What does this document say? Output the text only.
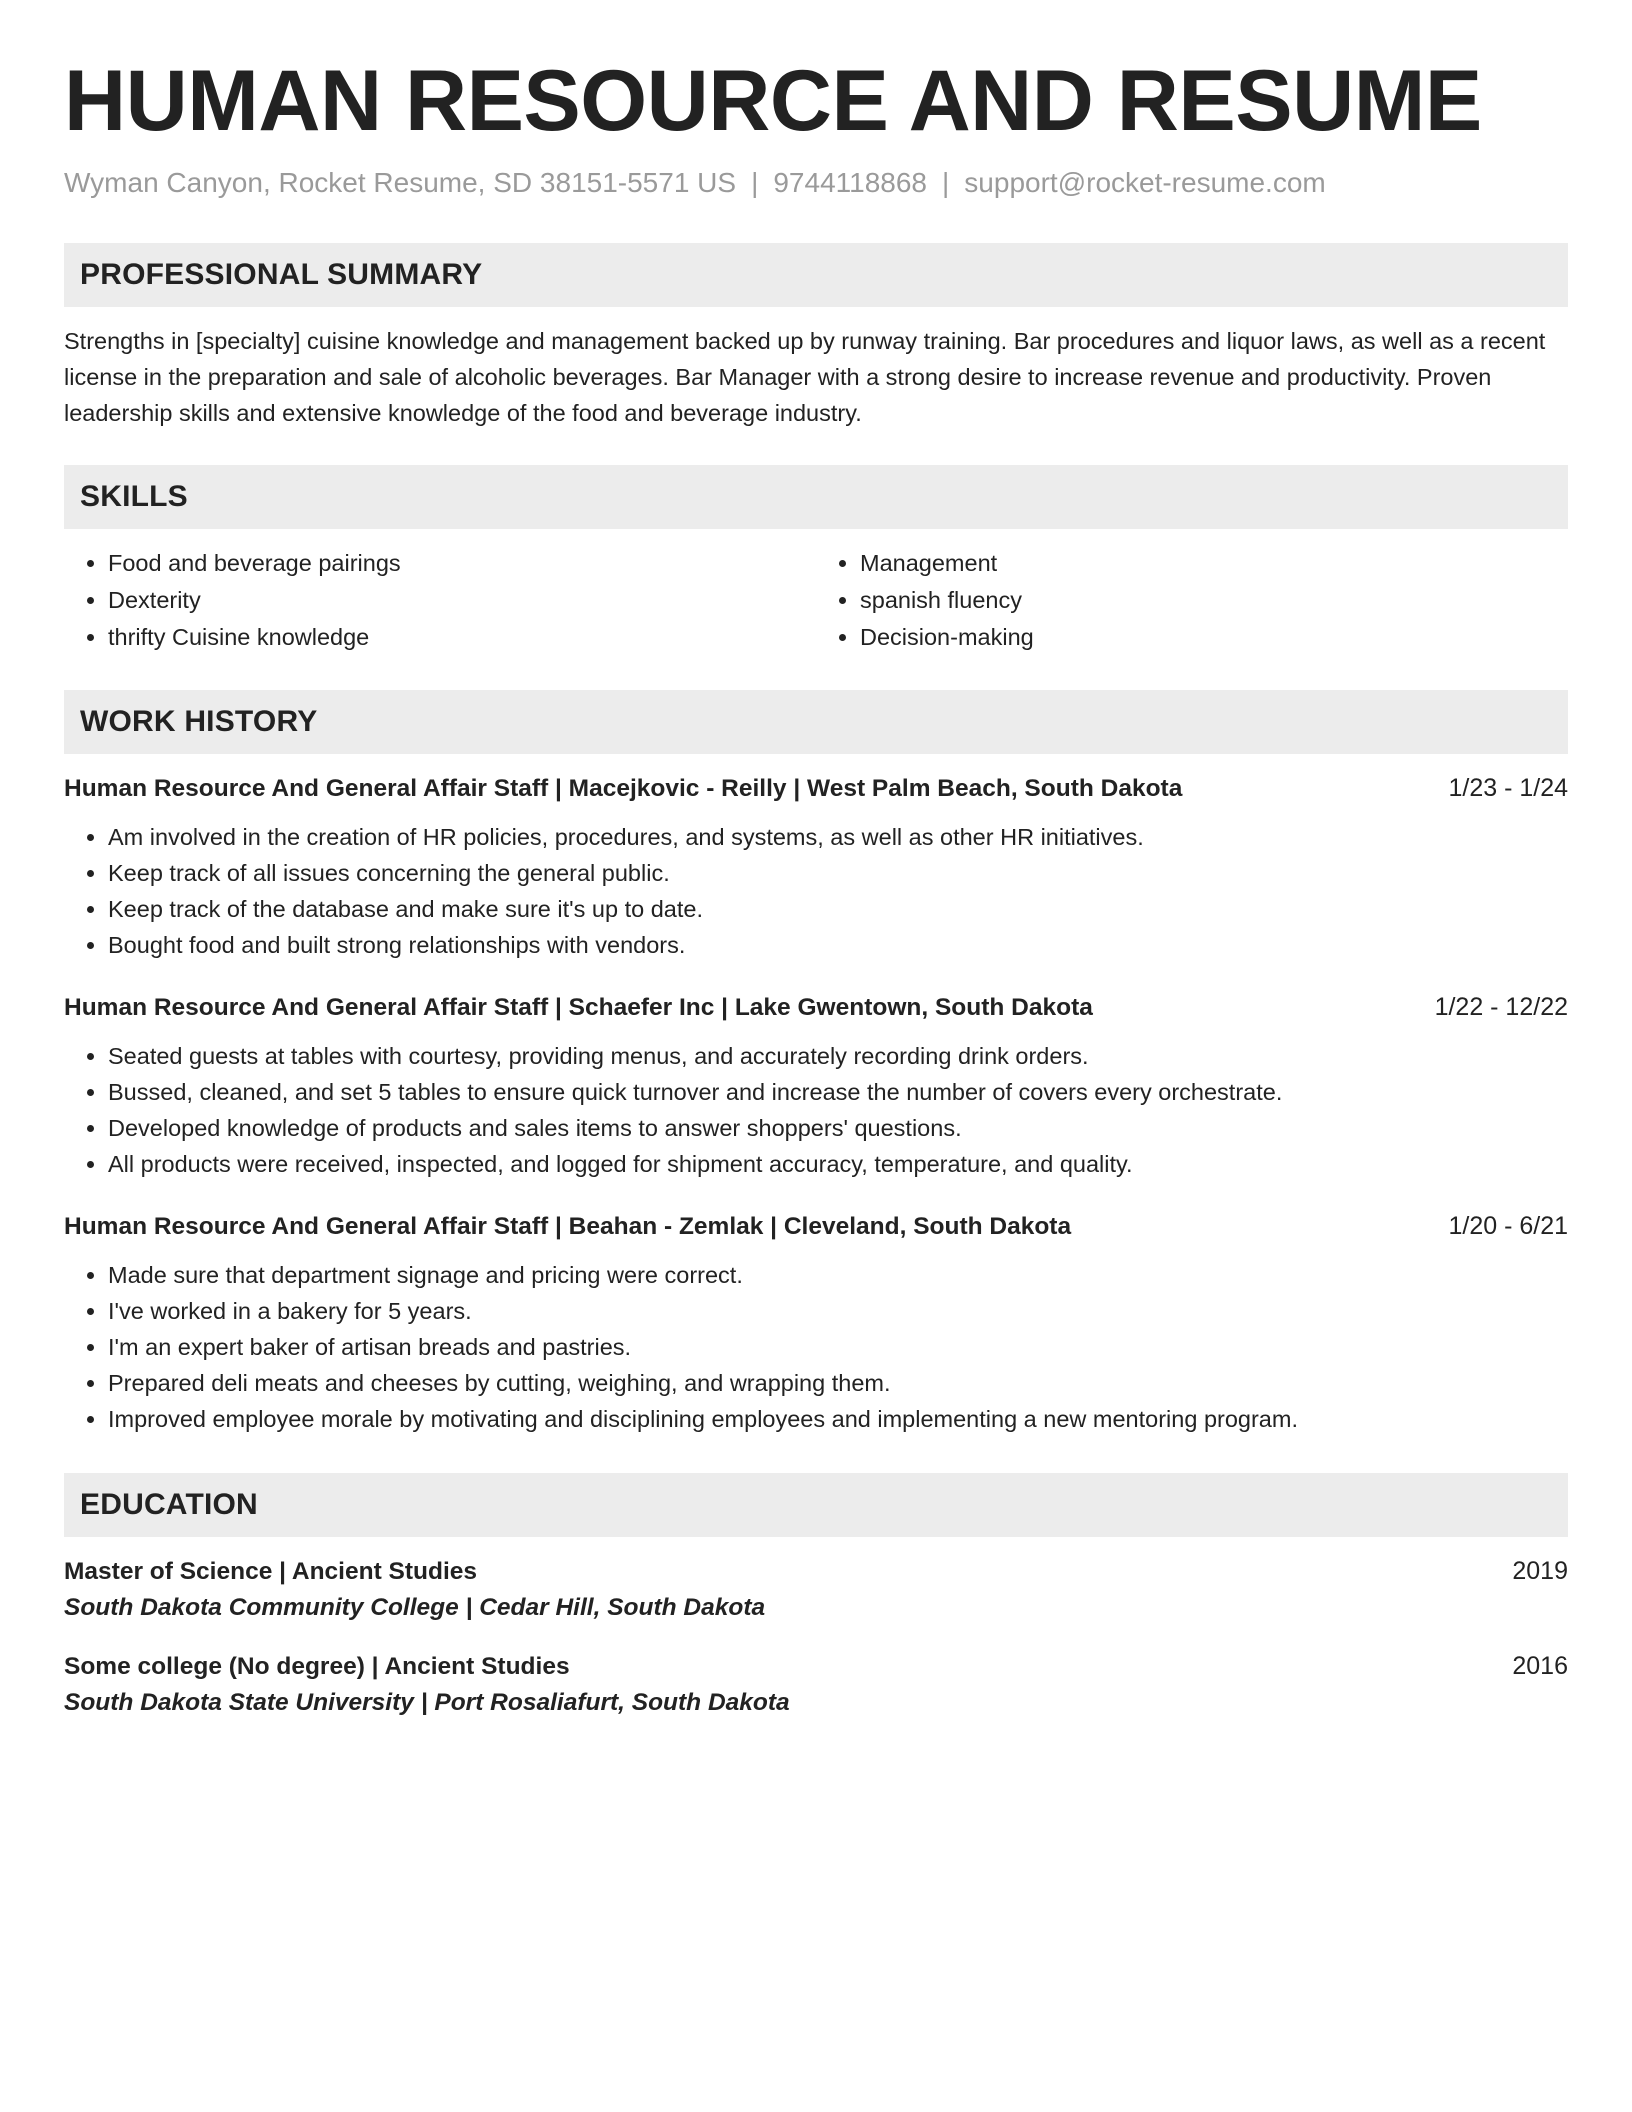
HUMAN RESOURCE AND RESUME
Wyman Canyon, Rocket Resume, SD 38151-5571 US | 9744118868 | support@rocket-resume.com
PROFESSIONAL SUMMARY
Strengths in [specialty] cuisine knowledge and management backed up by runway training. Bar procedures and liquor laws, as well as a recent license in the preparation and sale of alcoholic beverages. Bar Manager with a strong desire to increase revenue and productivity. Proven leadership skills and extensive knowledge of the food and beverage industry.
SKILLS
• Food and beverage pairings
• Dexterity
• thrifty Cuisine knowledge
• Management
• spanish fluency
• Decision-making
WORK HISTORY
Human Resource And General Affair Staff | Macejkovic - Reilly | West Palm Beach, South Dakota	1/23 - 1/24
• Am involved in the creation of HR policies, procedures, and systems, as well as other HR initiatives.
• Keep track of all issues concerning the general public.
• Keep track of the database and make sure it's up to date.
• Bought food and built strong relationships with vendors.
Human Resource And General Affair Staff | Schaefer Inc | Lake Gwentown, South Dakota	1/22 - 12/22
• Seated guests at tables with courtesy, providing menus, and accurately recording drink orders.
• Bussed, cleaned, and set 5 tables to ensure quick turnover and increase the number of covers every orchestrate.
• Developed knowledge of products and sales items to answer shoppers' questions.
• All products were received, inspected, and logged for shipment accuracy, temperature, and quality.
Human Resource And General Affair Staff | Beahan - Zemlak | Cleveland, South Dakota	1/20 - 6/21
• Made sure that department signage and pricing were correct.
• I've worked in a bakery for 5 years.
• I'm an expert baker of artisan breads and pastries.
• Prepared deli meats and cheeses by cutting, weighing, and wrapping them.
• Improved employee morale by motivating and disciplining employees and implementing a new mentoring program.
EDUCATION
Master of Science | Ancient Studies	2019
South Dakota Community College | Cedar Hill, South Dakota
Some college (No degree) | Ancient Studies	2016
South Dakota State University | Port Rosaliafurt, South Dakota
